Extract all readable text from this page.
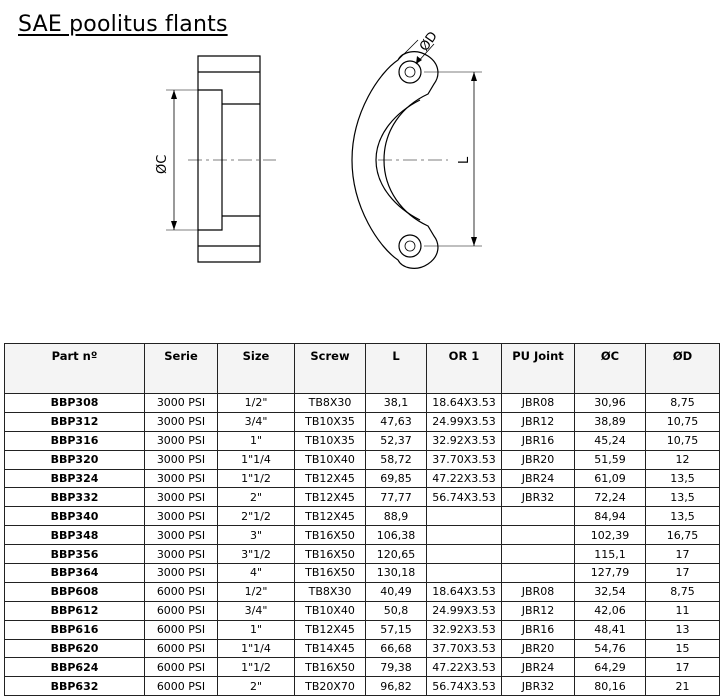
SAE poolitus flants
ØC
ØD
L
Part nº	Serie	Size	Screw	L	OR 1	PU Joint	ØC	ØD
BBP308	3000 PSI	1/2"	TB8X30	38,1	18.64X3.53	JBR08	30,96	8,75
BBP312	3000 PSI	3/4"	TB10X35	47,63	24.99X3.53	JBR12	38,89	10,75
BBP316	3000 PSI	1"	TB10X35	52,37	32.92X3.53	JBR16	45,24	10,75
BBP320	3000 PSI	1"1/4	TB10X40	58,72	37.70X3.53	JBR20	51,59	12
BBP324	3000 PSI	1"1/2	TB12X45	69,85	47.22X3.53	JBR24	61,09	13,5
BBP332	3000 PSI	2"	TB12X45	77,77	56.74X3.53	JBR32	72,24	13,5
BBP340	3000 PSI	2"1/2	TB12X45	88,9			84,94	13,5
BBP348	3000 PSI	3"	TB16X50	106,38			102,39	16,75
BBP356	3000 PSI	3"1/2	TB16X50	120,65			115,1	17
BBP364	3000 PSI	4"	TB16X50	130,18			127,79	17
BBP608	6000 PSI	1/2"	TB8X30	40,49	18.64X3.53	JBR08	32,54	8,75
BBP612	6000 PSI	3/4"	TB10X40	50,8	24.99X3.53	JBR12	42,06	11
BBP616	6000 PSI	1"	TB12X45	57,15	32.92X3.53	JBR16	48,41	13
BBP620	6000 PSI	1"1/4	TB14X45	66,68	37.70X3.53	JBR20	54,76	15
BBP624	6000 PSI	1"1/2	TB16X50	79,38	47.22X3.53	JBR24	64,29	17
BBP632	6000 PSI	2"	TB20X70	96,82	56.74X3.53	JBR32	80,16	21
